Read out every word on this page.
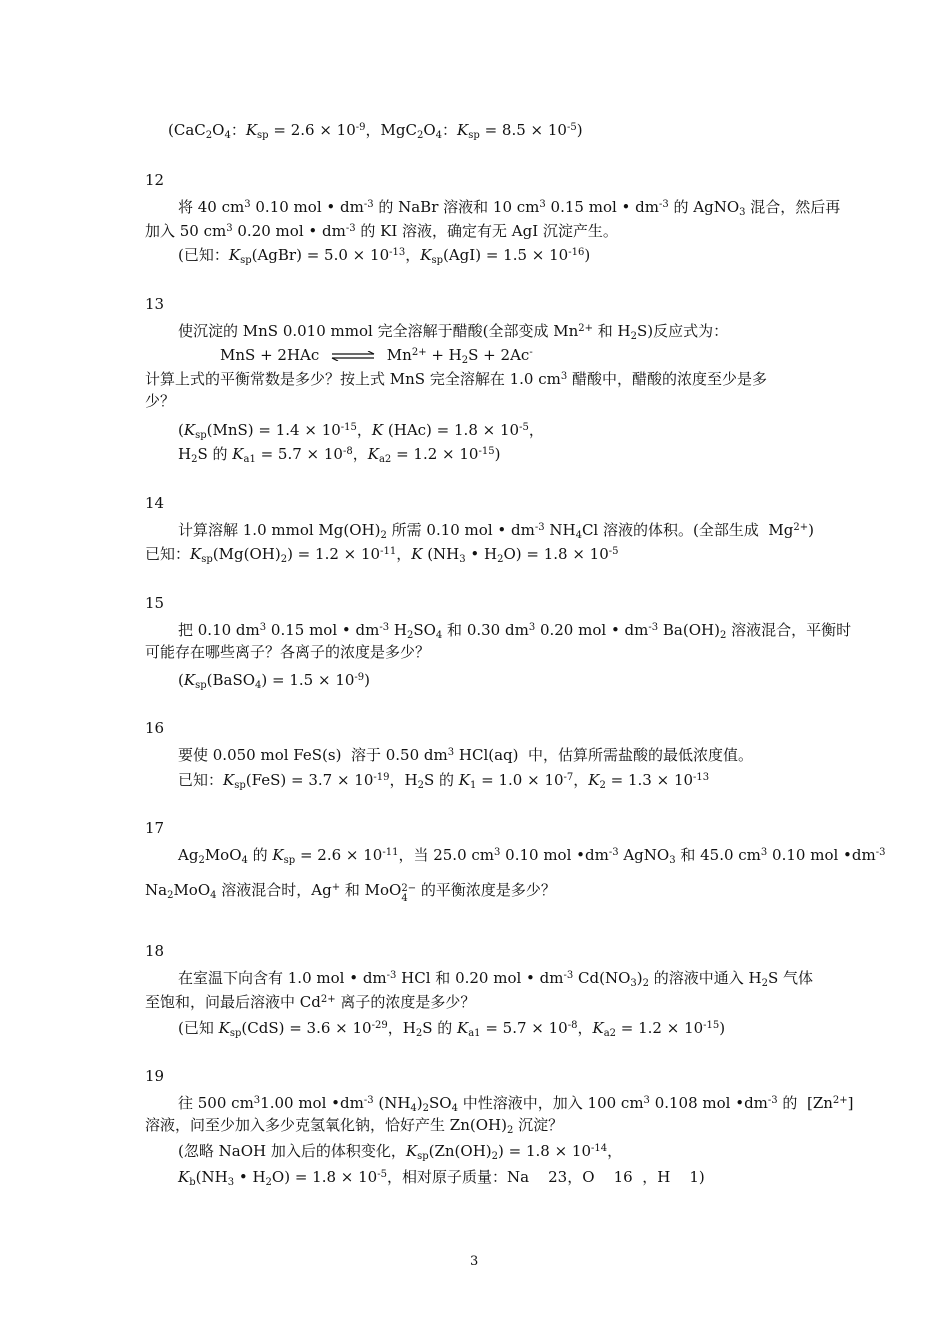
($CaC_2O_4$：$K_{sp} = 2.6 \times 10^{-9}$，$MgC_2O_4$：$K_{sp} = 8.5 \times 10^{-5}$)
12
将 40 $cm^3$ 0.10 mol • $dm^{-3}$ 的 NaBr 溶液和 10 $cm^3$ 0.15 mol • $dm^{-3}$ 的 AgNO$_3$ 混合，然后再
加入 50 $cm^3$ 0.20 mol • $dm^{-3}$ 的 KI 溶液，确定有无 AgI 沉淀产生。
(已知：$K_{sp}(AgBr) = 5.0 \times 10^{-13}$，$K_{sp}(AgI) = 1.5 \times 10^{-16}$)
13
使沉淀的 MnS 0.010 mmol 完全溶解于醋酸(全部变成 $Mn^{2+}$ 和 $H_2S$)反应式为：
MnS + 2HAc ⇌ $Mn^{2+} + H_2S + 2Ac^-$
计算上式的平衡常数是多少？按上式 MnS 完全溶解在 1.0 $cm^3$ 醋酸中，醋酸的浓度至少是多
少？
($K_{sp}(MnS) = 1.4 \times 10^{-15}$，K $(HAc) = 1.8 \times 10^{-5}$，
$H_2S$ 的 $K_{a1} = 5.7 \times 10^{-8}$，$K_{a2} = 1.2 \times 10^{-15}$)
14
计算溶解 1.0 mmol $Mg(OH)_2$ 所需 0.10 mol • $dm^{-3}$ $NH_4Cl$ 溶液的体积。(全部生成  $Mg^{2+}$)
已知：$K_{sp}(Mg(OH)_2) = 1.2 \times 10^{-11}$，K ($NH_3$ • $H_2O) = 1.8 \times 10^{-5}$
15
把 0.10 $dm^3$ 0.15 mol • $dm^{-3}$ $H_2SO_4$ 和 0.30 $dm^3$ 0.20 mol • $dm^{-3}$ $Ba(OH)_2$ 溶液混合，平衡时
可能存在哪些离子？各离子的浓度是多少？
$(K_{sp}(BaSO_4) = 1.5 \times 10^{-9})$
16
要使 0.050 mol FeS(s)  溶于 0.50 $dm^3$ HCl(aq)  中，估算所需盐酸的最低浓度值。
已知：$K_{sp}(FeS) = 3.7 \times 10^{-19}$，$H_2S$ 的 $K_1 = 1.0 \times 10^{-7}$，$K_2 = 1.3 \times 10^{-13}$
17
$Ag_2MoO_4$ 的 $K_{sp} = 2.6 \times 10^{-11}$，当 25.0 $cm^3$ 0.10 mol $•dm^{-3}$ AgNO$_3$ 和 45.0 $cm^3$ 0.10 mol $•dm^{-3}$
$Na_2MoO_4$ 溶液混合时，Ag+ 和 MoO 2−
4 的平衡浓度是多少？
18
在室温下向含有 1.0 mol • $dm^{-3}$ HCl 和 0.20 mol • $dm^{-3}$ $Cd(NO_3)_2$ 的溶液中通入 $H_2S$ 气体
至饱和，问最后溶液中 $Cd^{2+}$ 离子的浓度是多少？
(已知 $K_{sp}(CdS) = 3.6 \times 10^{-29}$，$H_2S$ 的 $K_{a1} = 5.7 \times 10^{-8}$，$K_{a2} = 1.2 \times 10^{-15}$)
19
往 500 $cm^31.00$ mol $•dm^{-3}$ $(NH_4)_2SO_4$ 中性溶液中，加入 100 $cm^3$ 0.108 mol $•dm^{-3}$ 的  $[Zn^{2+}]$
溶液，问至少加入多少克氢氧化钠，恰好产生 $Zn(OH)_2$ 沉淀？
(忽略 NaOH 加入后的体积变化，$K_{sp}(Zn(OH)_2) = 1.8 \times 10^{-14}$，
$K_b(NH_3$ • $H_2O) = 1.8 \times 10^{-5}$，相对原子质量：Na    23，O    16  ，H    1)
3
